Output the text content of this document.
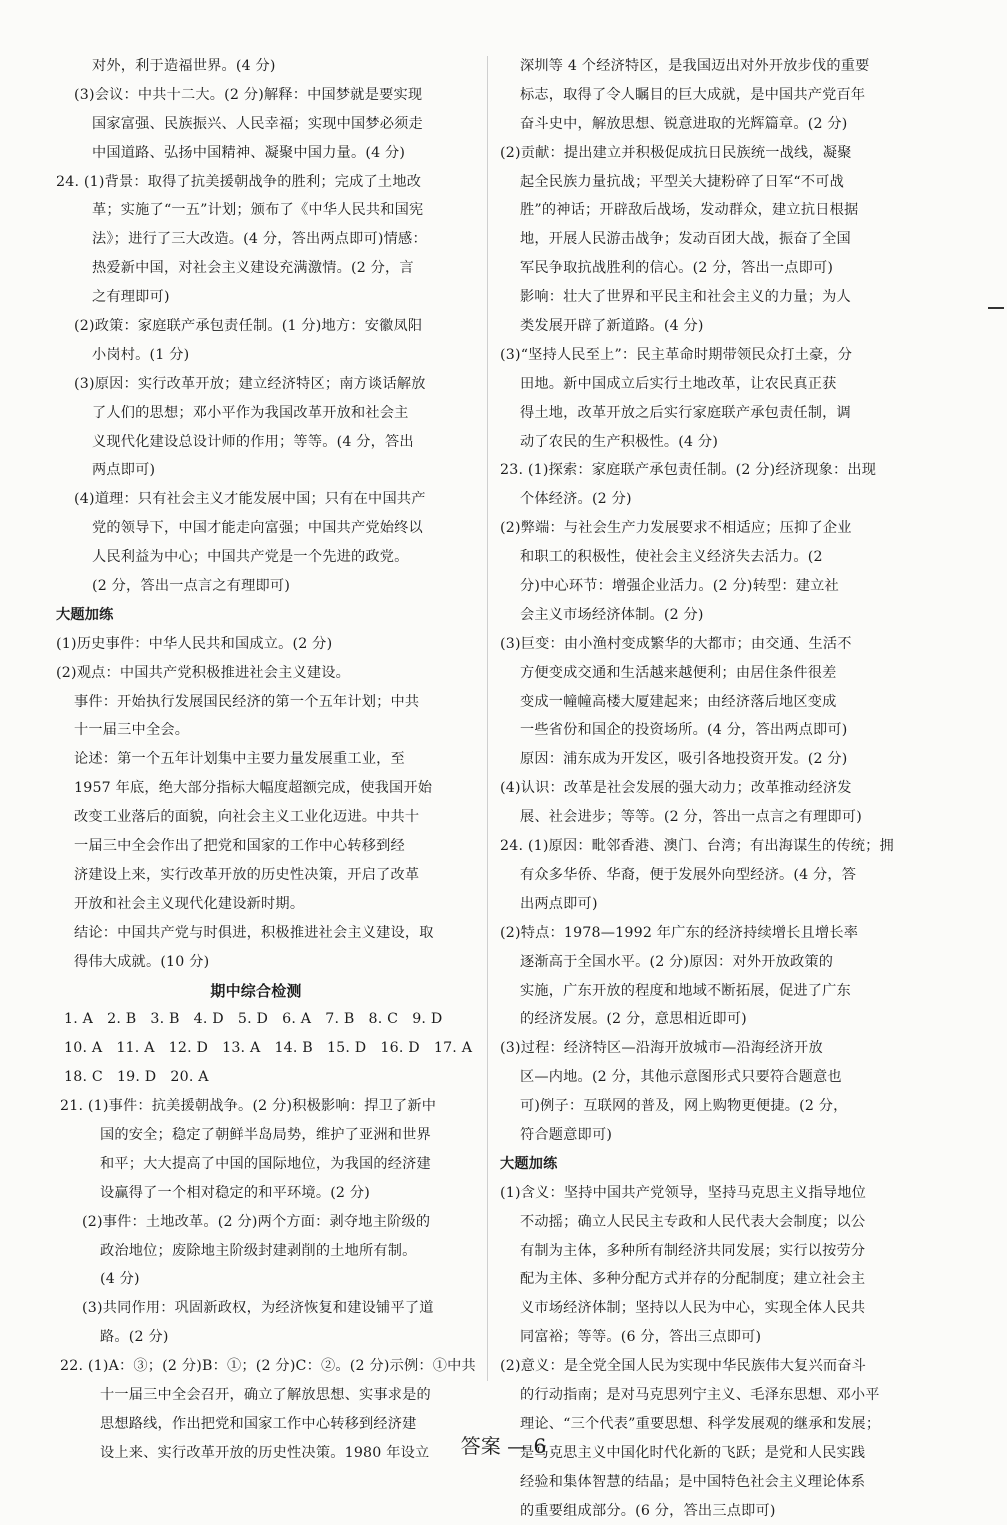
对外，利于造福世界。(4 分)
(3)会议：中共十二大。(2 分)解释：中国梦就是要实现
国家富强、民族振兴、人民幸福；实现中国梦必须走
中国道路、弘扬中国精神、凝聚中国力量。(4 分)
24. (1)背景：取得了抗美援朝战争的胜利；完成了土地改
革；实施了“一五”计划；颁布了《中华人民共和国宪
法》；进行了三大改造。(4 分，答出两点即可)情感：
热爱新中国，对社会主义建设充满激情。(2 分，言
之有理即可)
(2)政策：家庭联产承包责任制。(1 分)地方：安徽凤阳
小岗村。(1 分)
(3)原因：实行改革开放；建立经济特区；南方谈话解放
了人们的思想；邓小平作为我国改革开放和社会主
义现代化建设总设计师的作用；等等。(4 分，答出
两点即可)
(4)道理：只有社会主义才能发展中国；只有在中国共产
党的领导下，中国才能走向富强；中国共产党始终以
人民利益为中心；中国共产党是一个先进的政党。
(2 分，答出一点言之有理即可)
大题加练
(1)历史事件：中华人民共和国成立。(2 分)
(2)观点：中国共产党积极推进社会主义建设。
事件：开始执行发展国民经济的第一个五年计划；中共
十一届三中全会。
论述：第一个五年计划集中主要力量发展重工业，至
1957 年底，绝大部分指标大幅度超额完成，使我国开始
改变工业落后的面貌，向社会主义工业化迈进。中共十
一届三中全会作出了把党和国家的工作中心转移到经
济建设上来，实行改革开放的历史性决策，开启了改革
开放和社会主义现代化建设新时期。
结论：中国共产党与时俱进，积极推进社会主义建设，取
得伟大成就。(10 分)
期中综合检测
1. A 2. B 3. B 4. D 5. D 6. A 7. B 8. C 9. D
10. A 11. A 12. D 13. A 14. B 15. D 16. D 17. A
18. C 19. D 20. A
21. (1)事件：抗美援朝战争。(2 分)积极影响：捍卫了新中
国的安全；稳定了朝鲜半岛局势，维护了亚洲和世界
和平；大大提高了中国的国际地位，为我国的经济建
设赢得了一个相对稳定的和平环境。(2 分)
(2)事件：土地改革。(2 分)两个方面：剥夺地主阶级的
政治地位；废除地主阶级封建剥削的土地所有制。
(4 分)
(3)共同作用：巩固新政权，为经济恢复和建设铺平了道
路。(2 分)
22. (1)A：③；(2 分)B：①；(2 分)C：②。(2 分)示例：①中共
十一届三中全会召开，确立了解放思想、实事求是的
思想路线，作出把党和国家工作中心转移到经济建
设上来、实行改革开放的历史性决策。1980 年设立
深圳等 4 个经济特区，是我国迈出对外开放步伐的重要
标志，取得了令人瞩目的巨大成就，是中国共产党百年
奋斗史中，解放思想、锐意进取的光辉篇章。(2 分)
(2)贡献：提出建立并积极促成抗日民族统一战线，凝聚
起全民族力量抗战；平型关大捷粉碎了日军“不可战
胜”的神话；开辟敌后战场，发动群众，建立抗日根据
地，开展人民游击战争；发动百团大战，振奋了全国
军民争取抗战胜利的信心。(2 分，答出一点即可)
影响：壮大了世界和平民主和社会主义的力量；为人
类发展开辟了新道路。(4 分)
(3)“坚持人民至上”：民主革命时期带领民众打土豪，分
田地。新中国成立后实行土地改革，让农民真正获
得土地，改革开放之后实行家庭联产承包责任制，调
动了农民的生产积极性。(4 分)
23. (1)探索：家庭联产承包责任制。(2 分)经济现象：出现
个体经济。(2 分)
(2)弊端：与社会生产力发展要求不相适应；压抑了企业
和职工的积极性，使社会主义经济失去活力。(2
分)中心环节：增强企业活力。(2 分)转型：建立社
会主义市场经济体制。(2 分)
(3)巨变：由小渔村变成繁华的大都市；由交通、生活不
方便变成交通和生活越来越便利；由居住条件很差
变成一幢幢高楼大厦建起来；由经济落后地区变成
一些省份和国企的投资场所。(4 分，答出两点即可)
原因：浦东成为开发区，吸引各地投资开发。(2 分)
(4)认识：改革是社会发展的强大动力；改革推动经济发
展、社会进步；等等。(2 分，答出一点言之有理即可)
24. (1)原因：毗邻香港、澳门、台湾；有出海谋生的传统；拥
有众多华侨、华裔，便于发展外向型经济。(4 分，答
出两点即可)
(2)特点：1978—1992 年广东的经济持续增长且增长率
逐渐高于全国水平。(2 分)原因：对外开放政策的
实施，广东开放的程度和地域不断拓展，促进了广东
的经济发展。(2 分，意思相近即可)
(3)过程：经济特区—沿海开放城市—沿海经济开放
区—内地。(2 分，其他示意图形式只要符合题意也
可)例子：互联网的普及，网上购物更便捷。(2 分，
符合题意即可)
大题加练
(1)含义：坚持中国共产党领导，坚持马克思主义指导地位
不动摇；确立人民民主专政和人民代表大会制度；以公
有制为主体，多种所有制经济共同发展；实行以按劳分
配为主体、多种分配方式并存的分配制度；建立社会主
义市场经济体制；坚持以人民为中心，实现全体人民共
同富裕；等等。(6 分，答出三点即可)
(2)意义：是全党全国人民为实现中华民族伟大复兴而奋斗
的行动指南；是对马克思列宁主义、毛泽东思想、邓小平
理论、“三个代表”重要思想、科学发展观的继承和发展；
是马克思主义中国化时代化新的飞跃；是党和人民实践
经验和集体智慧的结晶；是中国特色社会主义理论体系
的重要组成部分。(6 分，答出三点即可)
答案 — 6
